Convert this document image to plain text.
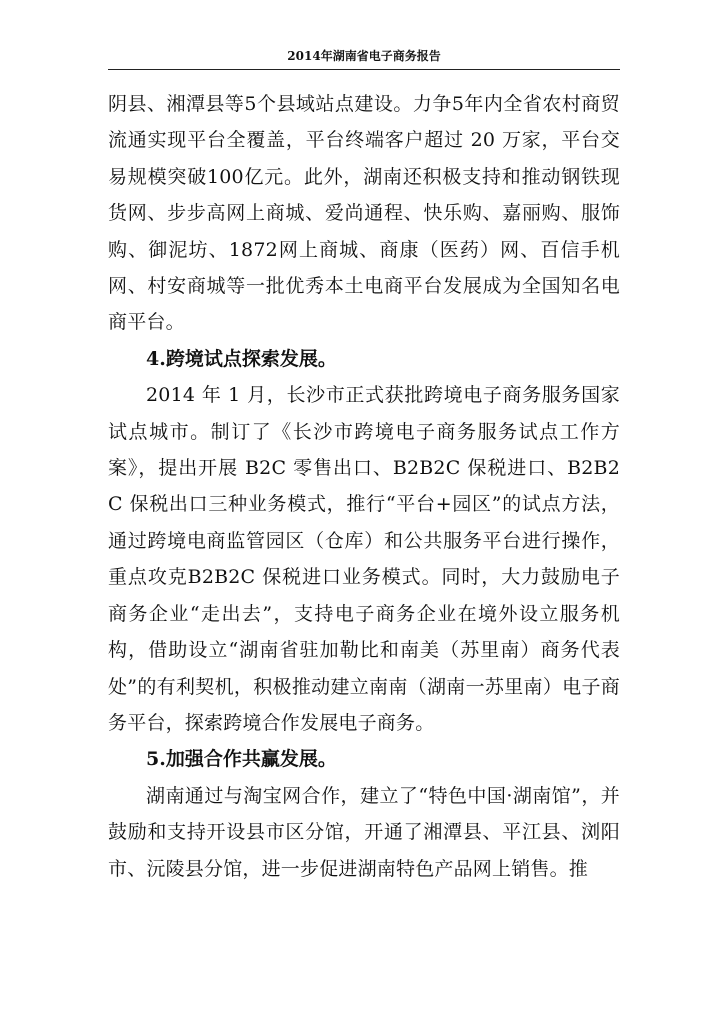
2014年湖南省电子商务报告

阴县、湘潭县等5个县域站点建设。力争5年内全省农村商贸流通实现平台全覆盖，平台终端客户超过 20 万家，平台交易规模突破100亿元。此外，湖南还积极支持和推动钢铁现货网、步步高网上商城、爱尚通程、快乐购、嘉丽购、服饰购、御泥坊、1872网上商城、商康（医药）网、百信手机网、村安商城等一批优秀本土电商平台发展成为全国知名电商平台。

4.跨境试点探索发展。

2014 年 1 月，长沙市正式获批跨境电子商务服务国家试点城市。制订了《长沙市跨境电子商务服务试点工作方案》，提出开展 B2C 零售出口、B2B2C 保税进口、B2B2C 保税出口三种业务模式，推行“平台+园区”的试点方法，通过跨境电商监管园区（仓库）和公共服务平台进行操作，重点攻克B2B2C 保税进口业务模式。同时，大力鼓励电子商务企业“走出去”，支持电子商务企业在境外设立服务机构，借助设立“湖南省驻加勒比和南美（苏里南）商务代表处”的有利契机，积极推动建立南南（湖南一苏里南）电子商务平台，探索跨境合作发展电子商务。

5.加强合作共赢发展。

湖南通过与淘宝网合作，建立了“特色中国·湖南馆”，并鼓励和支持开设县市区分馆，开通了湘潭县、平江县、浏阳市、沅陵县分馆，进一步促进湖南特色产品网上销售。推
